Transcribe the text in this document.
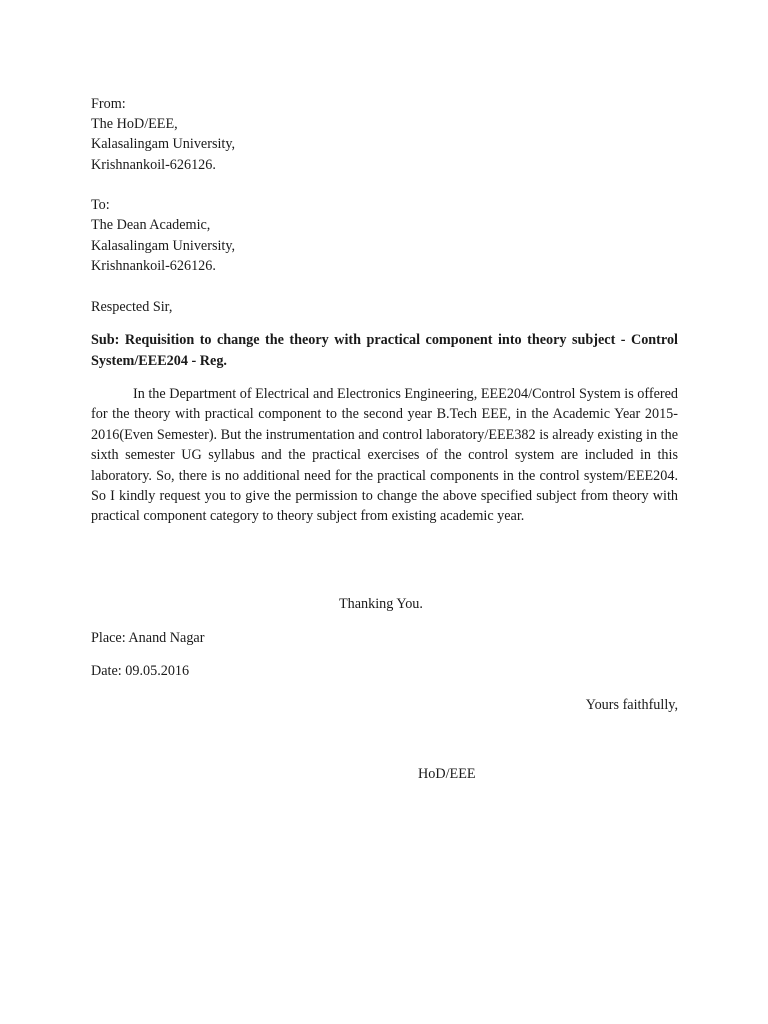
From:
The HoD/EEE,
Kalasalingam University,
Krishnankoil-626126.
To:
The Dean Academic,
Kalasalingam University,
Krishnankoil-626126.
Respected Sir,
Sub: Requisition to change the theory with practical component into theory subject - Control System/EEE204 - Reg.

In the Department of Electrical and Electronics Engineering, EEE204/Control System is offered for the theory with practical component to the second year B.Tech EEE, in the Academic Year 2015-2016(Even Semester). But the instrumentation and control laboratory/EEE382 is already existing in the sixth semester UG syllabus and the practical exercises of the control system are included in this laboratory. So, there is no additional need for the practical components in the control system/EEE204. So I kindly request you to give the permission to change the above specified subject from theory with practical component category to theory subject from existing academic year.

Thanking You.
Place: Anand Nagar
Date: 09.05.2016
Yours faithfully,
HoD/EEE
